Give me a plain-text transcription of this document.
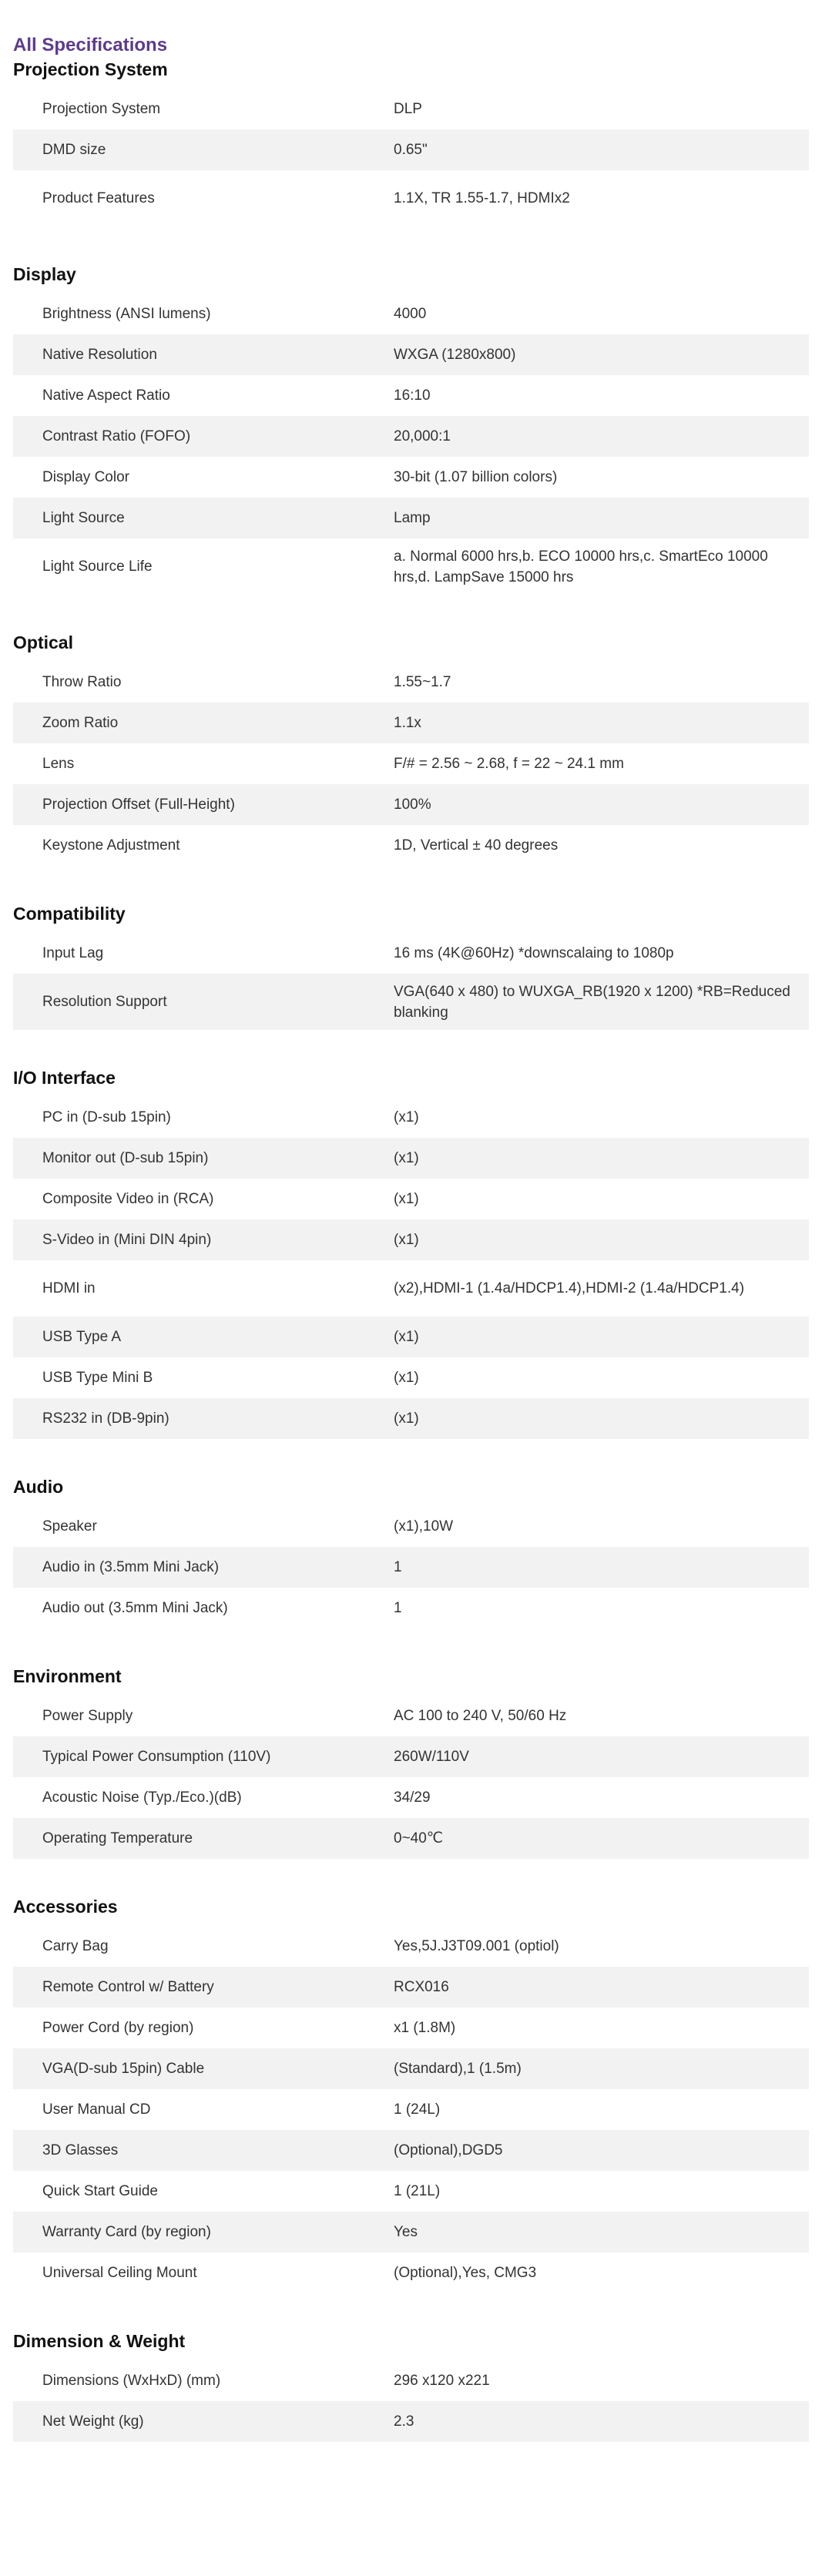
All Specifications
Projection System
Projection System	DLP
DMD size	0.65"
Product Features	1.1X, TR 1.55-1.7, HDMIx2
Display
Brightness (ANSI lumens)	4000
Native Resolution	WXGA (1280x800)
Native Aspect Ratio	16:10
Contrast Ratio (FOFO)	20,000:1
Display Color	30-bit (1.07 billion colors)
Light Source	Lamp
Light Source Life	a. Normal 6000 hrs,b. ECO 10000 hrs,c. SmartEco 10000 hrs,d. LampSave 15000 hrs
Optical
Throw Ratio	1.55~1.7
Zoom Ratio	1.1x
Lens	F/# = 2.56 ~ 2.68, f = 22 ~ 24.1 mm
Projection Offset (Full-Height)	100%
Keystone Adjustment	1D, Vertical ± 40 degrees
Compatibility
Input Lag	16 ms (4K@60Hz) *downscalaing to 1080p
Resolution Support	VGA(640 x 480) to WUXGA_RB(1920 x 1200) *RB=Reduced blanking
I/O Interface
PC in (D-sub 15pin)	(x1)
Monitor out (D-sub 15pin)	(x1)
Composite Video in (RCA)	(x1)
S-Video in (Mini DIN 4pin)	(x1)
HDMI in	(x2),HDMI-1 (1.4a/HDCP1.4),HDMI-2 (1.4a/HDCP1.4)
USB Type A	(x1)
USB Type Mini B	(x1)
RS232 in (DB-9pin)	(x1)
Audio
Speaker	(x1),10W
Audio in (3.5mm Mini Jack)	1
Audio out (3.5mm Mini Jack)	1
Environment
Power Supply	AC 100 to 240 V, 50/60 Hz
Typical Power Consumption (110V)	260W/110V
Acoustic Noise (Typ./Eco.)(dB)	34/29
Operating Temperature	0~40℃
Accessories
Carry Bag	Yes,5J.J3T09.001 (optiol)
Remote Control w/ Battery	RCX016
Power Cord (by region)	x1 (1.8M)
VGA(D-sub 15pin) Cable	(Standard),1 (1.5m)
User Manual CD	1 (24L)
3D Glasses	(Optional),DGD5
Quick Start Guide	1 (21L)
Warranty Card (by region)	Yes
Universal Ceiling Mount	(Optional),Yes, CMG3
Dimension & Weight
Dimensions (WxHxD) (mm)	296 x120 x221
Net Weight (kg)	2.3
